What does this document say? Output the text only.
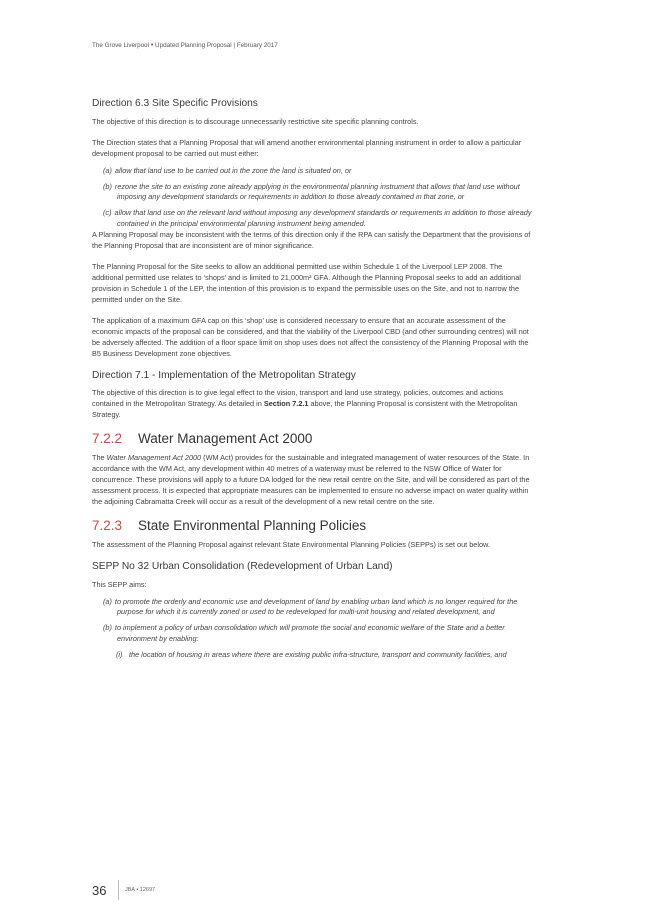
The Grove Liverpool • Updated Planning Proposal | February 2017
Direction 6.3 Site Specific Provisions
The objective of this direction is to discourage unnecessarily restrictive site specific planning controls.
The Direction states that a Planning Proposal that will amend another environmental planning instrument in order to allow a particular development proposal to be carried out must either:
(a) allow that land use to be carried out in the zone the land is situated on, or
(b) rezone the site to an existing zone already applying in the environmental planning instrument that allows that land use without imposing any development standards or requirements in addition to those already contained in that zone, or
(c) allow that land use on the relevant land without imposing any development standards or requirements in addition to those already contained in the principal environmental planning instrument being amended.
A Planning Proposal may be inconsistent with the terms of this direction only if the RPA can satisfy the Department that the provisions of the Planning Proposal that are inconsistent are of minor significance.
The Planning Proposal for the Site seeks to allow an additional permitted use within Schedule 1 of the Liverpool LEP 2008. The additional permitted use relates to ‘shops’ and is limited to 21,000m² GFA. Although the Planning Proposal seeks to add an additional provision in Schedule 1 of the LEP, the intention of this provision is to expand the permissible uses on the Site, and not to narrow the permitted under on the Site.
The application of a maximum GFA cap on this ‘shop’ use is considered necessary to ensure that an accurate assessment of the economic impacts of the proposal can be considered, and that the viability of the Liverpool CBD (and other surrounding centres) will not be adversely affected. The addition of a floor space limit on shop uses does not affect the consistency of the Planning Proposal with the B5 Business Development zone objectives.
Direction 7.1 - Implementation of the Metropolitan Strategy
The objective of this direction is to give legal effect to the vision, transport and land use strategy, policies, outcomes and actions contained in the Metropolitan Strategy. As detailed in Section 7.2.1 above, the Planning Proposal is consistent with the Metropolitan Strategy.
7.2.2	Water Management Act 2000
The Water Management Act 2000 (WM Act) provides for the sustainable and integrated management of water resources of the State. In accordance with the WM Act, any development within 40 metres of a waterway must be referred to the NSW Office of Water for concurrence. These provisions will apply to a future DA lodged for the new retail centre on the Site, and will be considered as part of the assessment process. It is expected that appropriate measures can be implemented to ensure no adverse impact on water quality within the adjoining Cabramatta Creek will occur as a result of the development of a new retail centre on the site.
7.2.3	State Environmental Planning Policies
The assessment of the Planning Proposal against relevant State Environmental Planning Policies (SEPPs) is set out below.
SEPP No 32 Urban Consolidation (Redevelopment of Urban Land)
This SEPP aims:
(a) to promote the orderly and economic use and development of land by enabling urban land which is no longer required for the purpose for which it is currently zoned or used to be redeveloped for multi-unit housing and related development, and
(b) to implement a policy of urban consolidation which will promote the social and economic welfare of the State and a better environment by enabling:
(i) the location of housing in areas where there are existing public infra-structure, transport and community facilities, and
36	JBA • 12697
